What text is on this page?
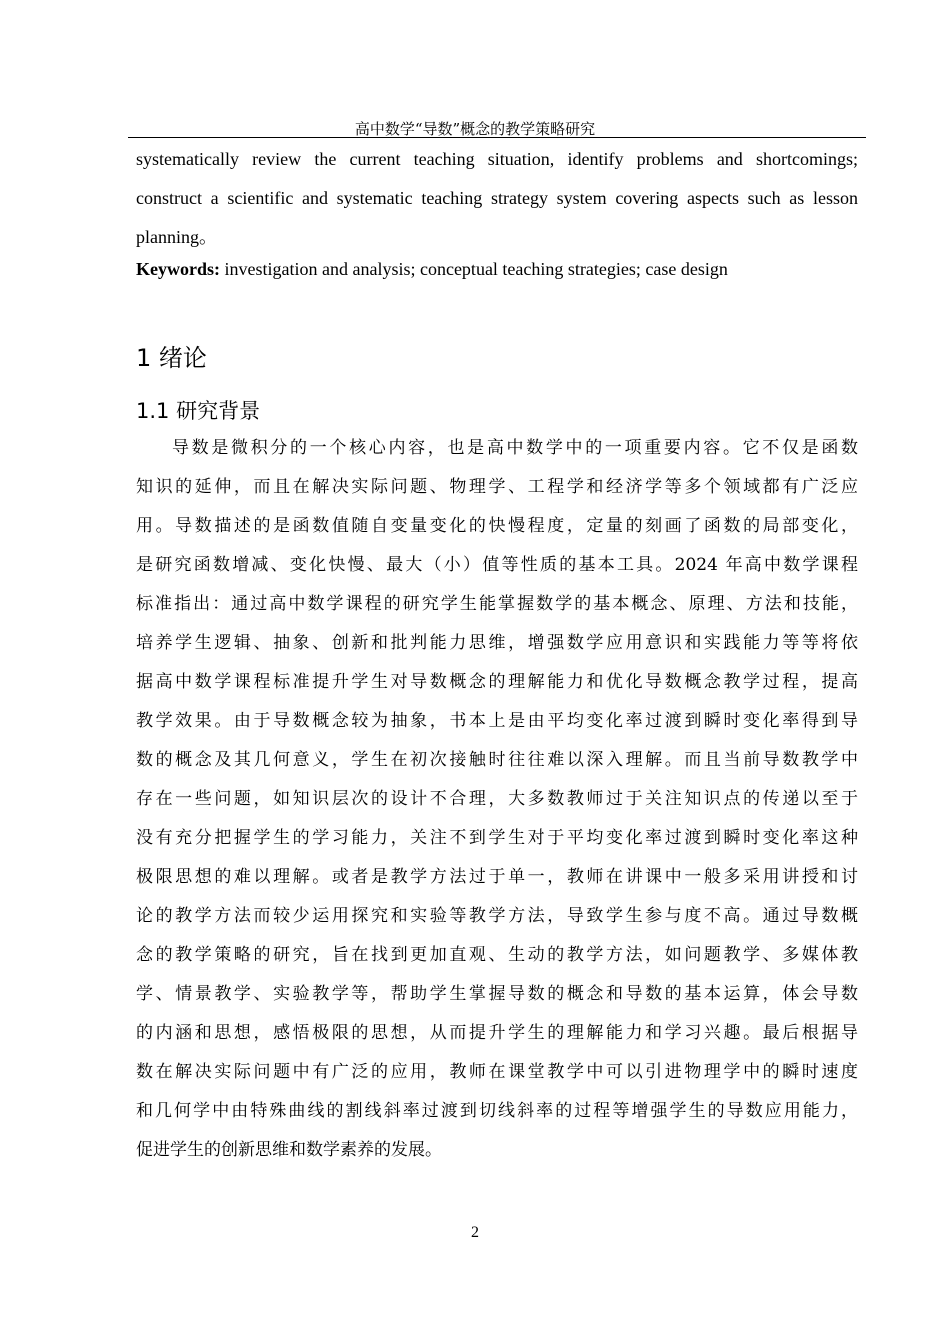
高中数学“导数”概念的教学策略研究
systematically review the current teaching situation, identify problems and shortcomings;
construct a scientific and systematic teaching strategy system covering aspects such as lesson
planning。
Keywords: investigation and analysis; conceptual teaching strategies; case design
1 绪论
1.1 研究背景
导数是微积分的一个核心内容，也是高中数学中的一项重要内容。它不仅是函数
知识的延伸，而且在解决实际问题、物理学、工程学和经济学等多个领域都有广泛应
用。导数描述的是函数值随自变量变化的快慢程度，定量的刻画了函数的局部变化，
是研究函数增减、变化快慢、最大（小）值等性质的基本工具。2024 年高中数学课程
标准指出：通过高中数学课程的研究学生能掌握数学的基本概念、原理、方法和技能，
培养学生逻辑、抽象、创新和批判能力思维，增强数学应用意识和实践能力等等将依
据高中数学课程标准提升学生对导数概念的理解能力和优化导数概念教学过程，提高
教学效果。由于导数概念较为抽象，书本上是由平均变化率过渡到瞬时变化率得到导
数的概念及其几何意义，学生在初次接触时往往难以深入理解。而且当前导数教学中
存在一些问题，如知识层次的设计不合理，大多数教师过于关注知识点的传递以至于
没有充分把握学生的学习能力，关注不到学生对于平均变化率过渡到瞬时变化率这种
极限思想的难以理解。或者是教学方法过于单一，教师在讲课中一般多采用讲授和讨
论的教学方法而较少运用探究和实验等教学方法，导致学生参与度不高。通过导数概
念的教学策略的研究，旨在找到更加直观、生动的教学方法，如问题教学、多媒体教
学、情景教学、实验教学等，帮助学生掌握导数的概念和导数的基本运算，体会导数
的内涵和思想，感悟极限的思想，从而提升学生的理解能力和学习兴趣。最后根据导
数在解决实际问题中有广泛的应用，教师在课堂教学中可以引进物理学中的瞬时速度
和几何学中由特殊曲线的割线斜率过渡到切线斜率的过程等增强学生的导数应用能力，
促进学生的创新思维和数学素养的发展。
2
